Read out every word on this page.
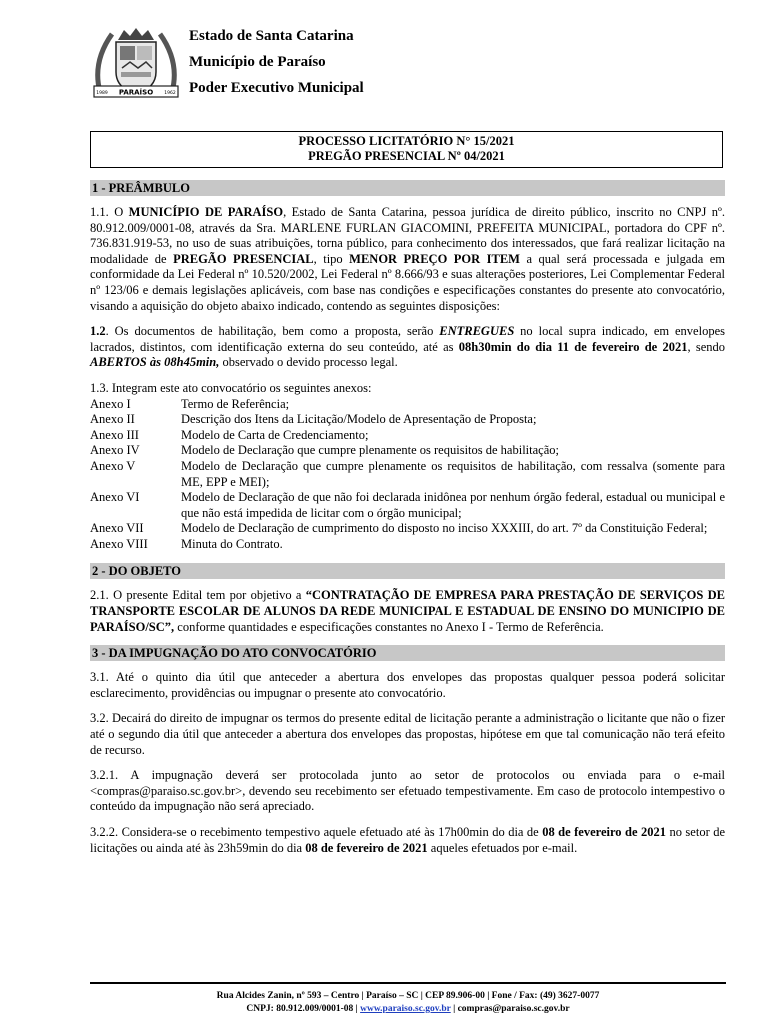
PARAÍSO
1989	1962
Estado de Santa Catarina
Município de Paraíso
Poder Executivo Municipal
PROCESSO LICITATÓRIO N° 15/2021
PREGÃO PRESENCIAL Nº 04/2021
1 - PREÂMBULO

1.1. O MUNICÍPIO DE PARAÍSO, Estado de Santa Catarina, pessoa jurídica de direito público, inscrito no CNPJ nº. 80.912.009/0001-08, através da Sra. MARLENE FURLAN GIACOMINI, PREFEITA MUNICIPAL, portadora do CPF nº. 736.831.919-53, no uso de suas atribuições, torna público, para conhecimento dos interessados, que fará realizar licitação na modalidade de PREGÃO PRESENCIAL, tipo MENOR PREÇO POR ITEM a qual será processada e julgada em conformidade da Lei Federal nº 10.520/2002, Lei Federal nº 8.666/93 e suas alterações posteriores, Lei Complementar Federal nº 123/06 e demais legislações aplicáveis, com base nas condições e especificações constantes do presente ato convocatório, visando a aquisição do objeto abaixo indicado, contendo as seguintes disposições:

1.2. Os documentos de habilitação, bem como a proposta, serão ENTREGUES no local supra indicado, em envelopes lacrados, distintos, com identificação externa do seu conteúdo, até as 08h30min do dia 11 de fevereiro de 2021, sendo ABERTOS às 08h45min, observado o devido processo legal.

1.3. Integram este ato convocatório os seguintes anexos:

Anexo I	Termo de Referência;
Anexo II	Descrição dos Itens da Licitação/Modelo de Apresentação de Proposta;
Anexo III	Modelo de Carta de Credenciamento;
Anexo IV	Modelo de Declaração que cumpre plenamente os requisitos de habilitação;
Anexo V	Modelo de Declaração que cumpre plenamente os requisitos de habilitação, com ressalva (somente para ME, EPP e MEI);
Anexo VI	Modelo de Declaração de que não foi declarada inidônea por nenhum órgão federal, estadual ou municipal e que não está impedida de licitar com o órgão municipal;
Anexo VII	Modelo de Declaração de cumprimento do disposto no inciso XXXIII, do art. 7º da Constituição Federal;
Anexo VIII	Minuta do Contrato.
2 - DO OBJETO

2.1. O presente Edital tem por objetivo a “CONTRATAÇÃO DE EMPRESA PARA PRESTAÇÃO DE SERVIÇOS DE TRANSPORTE ESCOLAR DE ALUNOS DA REDE MUNICIPAL E ESTADUAL DE ENSINO DO MUNICIPIO DE PARAÍSO/SC”, conforme quantidades e especificações constantes no Anexo I - Termo de Referência.

3 - DA IMPUGNAÇÃO DO ATO CONVOCATÓRIO

3.1. Até o quinto dia útil que anteceder a abertura dos envelopes das propostas qualquer pessoa poderá solicitar esclarecimento, providências ou impugnar o presente ato convocatório.

3.2. Decairá do direito de impugnar os termos do presente edital de licitação perante a administração o licitante que não o fizer até o segundo dia útil que anteceder a abertura dos envelopes das propostas, hipótese em que tal comunicação não terá efeito de recurso.

3.2.1. A impugnação deverá ser protocolada junto ao setor de protocolos ou enviada para o e-mail <compras@paraiso.sc.gov.br>, devendo seu recebimento ser efetuado tempestivamente. Em caso de protocolo intempestivo o conteúdo da impugnação não será apreciado.

3.2.2. Considera-se o recebimento tempestivo aquele efetuado até às 17h00min do dia de 08 de fevereiro de 2021 no setor de licitações ou ainda até às 23h59min do dia 08 de fevereiro de 2021 aqueles efetuados por e-mail.

Rua Alcides Zanin, nº 593 – Centro | Paraíso – SC | CEP 89.906-00 | Fone / Fax: (49) 3627-0077
CNPJ: 80.912.009/0001-08 | www.paraiso.sc.gov.br | compras@paraiso.sc.gov.br
